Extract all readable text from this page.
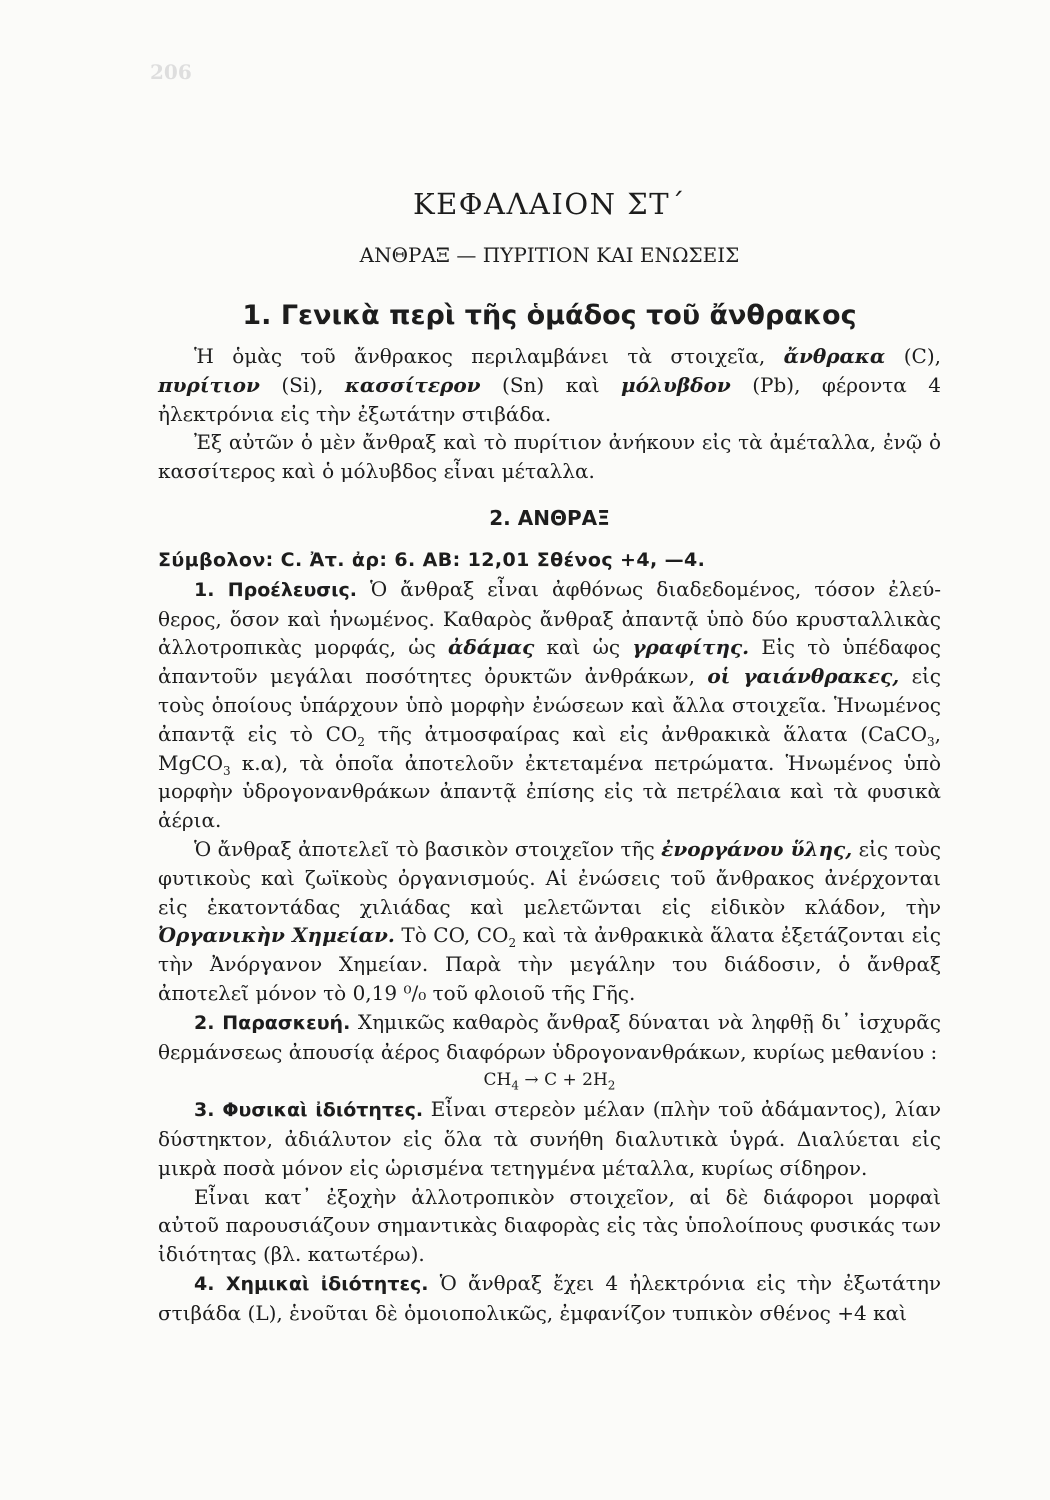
206
ΚΕΦΑΛΑΙΟΝ ΣΤ΄
ΑΝΘΡΑΞ — ΠΥΡΙΤΙΟΝ ΚΑΙ ΕΝΩΣΕΙΣ
1. Γενικὰ περὶ τῆς ὁμάδος τοῦ ἄνθρακος

Ἡ ὁμὰς τοῦ ἄνθρακος περιλαμβάνει τὰ στοιχεῖα, ἄνθρακα (C), πυρίτιον (Si), κασσίτερον (Sn) καὶ μόλυβδον (Pb), φέροντα 4 ἠλεκτρόνια εἰς τὴν ἐξωτάτην στιβάδα.

Ἐξ αὐτῶν ὁ μὲν ἄνθραξ καὶ τὸ πυρίτιον ἀνήκουν εἰς τὰ ἀμέταλλα, ἐνῷ ὁ κασσίτερος καὶ ὁ μόλυβδος εἶναι μέταλλα.

2. ΑΝΘΡΑΞ

Σύμβολον: C. Ἀτ. ἀρ: 6. ΑΒ: 12,01 Σθένος +4, —4.

1. Προέλευσις. Ὁ ἄνθραξ εἶναι ἀφθόνως διαδεδομένος, τόσον ἐλεύθερος, ὅσον καὶ ἡνωμένος. Καθαρὸς ἄνθραξ ἀπαντᾷ ὑπὸ δύο κρυσταλλικὰς ἀλλοτροπικὰς μορφάς, ὡς ἀδάμας καὶ ὡς γραφίτης. Εἰς τὸ ὑπέδαφος ἀπαντοῦν μεγάλαι ποσότητες ὀρυκτῶν ἀνθράκων, οἱ γαιάνθρακες, εἰς τοὺς ὁποίους ὑπάρχουν ὑπὸ μορφὴν ἐνώσεων καὶ ἄλλα στοιχεῖα. Ἡνωμένος ἀπαντᾷ εἰς τὸ $CO_2$ τῆς ἀτμοσφαίρας καὶ εἰς ἀνθρακικὰ ἅλατα (CaCO$_3$, MgCO$_3$ κ.α), τὰ ὁποῖα ἀποτελοῦν ἐκτεταμένα πετρώματα. Ἡνωμένος ὑπὸ μορφὴν ὑδρογονανθράκων ἀπαντᾷ ἐπίσης εἰς τὰ πετρέλαια καὶ τὰ φυσικὰ ἀέρια.

Ὁ ἄνθραξ ἀποτελεῖ τὸ βασικὸν στοιχεῖον τῆς ἐνοργάνου ὕλης, εἰς τοὺς φυτικοὺς καὶ ζωϊκοὺς ὀργανισμούς. Αἱ ἐνώσεις τοῦ ἄνθρακος ἀνέρχονται εἰς ἑκατοντάδας χιλιάδας καὶ μελετῶνται εἰς εἰδικὸν κλάδον, τὴν Ὀργανικὴν Χημείαν. Τὸ CO, $CO_2$ καὶ τὰ ἀνθρακικὰ ἅλατα ἐξετάζονται εἰς τὴν Ἀνόργανον Χημείαν. Παρὰ τὴν μεγάλην του διάδοσιν, ὁ ἄνθραξ ἀποτελεῖ μόνον τὸ 0,19 ⁰/₀ τοῦ φλοιοῦ τῆς Γῆς.

2. Παρασκευή. Χημικῶς καθαρὸς ἄνθραξ δύναται νὰ ληφθῇ δι᾽ ἰσχυρᾶς θερμάνσεως ἀπουσίᾳ ἀέρος διαφόρων ὑδρογονανθράκων, κυρίως μεθανίου :

$CH_4 \to C + 2H_2$

3. Φυσικαὶ ἰδιότητες. Εἶναι στερεὸν μέλαν (πλὴν τοῦ ἀδάμαντος), λίαν δύστηκτον, ἀδιάλυτον εἰς ὅλα τὰ συνήθη διαλυτικὰ ὑγρά. Διαλύεται εἰς μικρὰ ποσὰ μόνον εἰς ὡρισμένα τετηγμένα μέταλλα, κυρίως σίδηρον.

Εἶναι κατ᾽ ἐξοχὴν ἀλλοτροπικὸν στοιχεῖον, αἱ δὲ διάφοροι μορφαὶ αὐτοῦ παρουσιάζουν σημαντικὰς διαφορὰς εἰς τὰς ὑπολοίπους φυσικάς των ἰδιότητας (βλ. κατωτέρω).

4. Χημικαὶ ἰδιότητες. Ὁ ἄνθραξ ἔχει 4 ἠλεκτρόνια εἰς τὴν ἐξωτάτην στιβάδα (L), ἑνοῦται δὲ ὁμοιοπολικῶς, ἐμφανίζον τυπικὸν σθένος +4 καὶ
